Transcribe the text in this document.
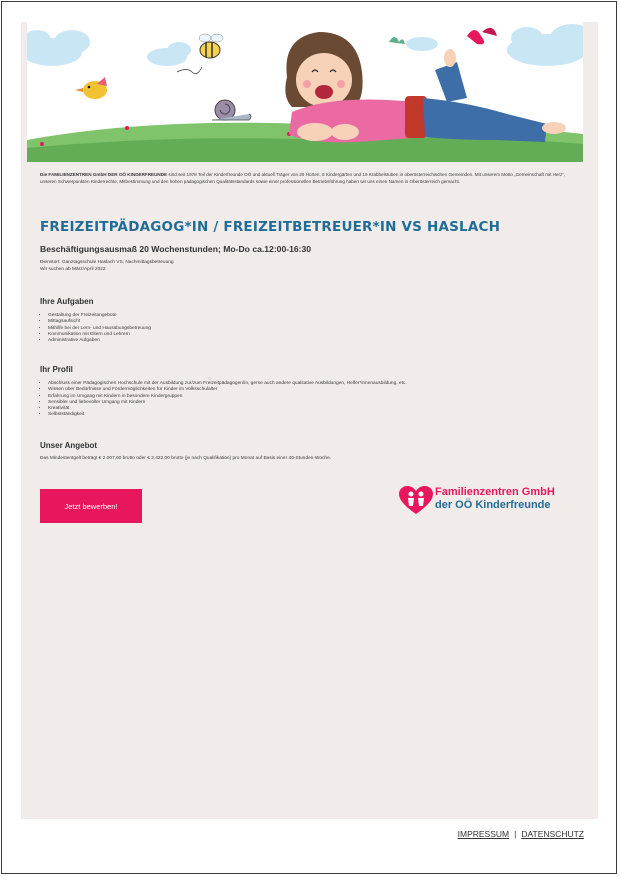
Die FAMILIENZENTREN GmbH DER OÖ KINDERFREUNDE sind seit 1978 Teil der Kinderfreunde OÖ und aktuell Träger von 29 Horten, 6 Kindergärten und 19 Krabbelstuben in oberösterreichischen Gemeinden. Mit unserem Motto „Gemeinschaft mit Herz“, unseren Schwerpunkten Kinderrechte, Mitbestimmung und den hohen pädagogischen Qualitätsstandards sowie einer professionellen Betriebsführung haben wir uns einen Namen in Oberösterreich gemacht.
FREIZEITPÄDAGOG*IN / FREIZEITBETREUER*IN VS HASLACH
Beschäftigungsausmaß 20 Wochenstunden; Mo-Do ca.12:00-16:30
Dienstort: Ganztagsschule Haslach VS, Nachmittagsbetreuung
Wir suchen ab März/April 2022
Ihre Aufgaben
• Gestaltung der Freizeitangebote
• Mittagsaufsicht
• Mithilfe bei der Lern- und Hausübungsbetreuung
• Kommunikation mit Eltern und Lehrern
• Administrative Aufgaben
Ihr Profil
• Abschluss einer Pädagogischen Hochschule mit der Ausbildung zur/zum Freizeitpädagogen/in, gerne auch andere qualitative Ausbildungen, Helfer*innenausbildung, etc.
• Wissen über Bedürfnisse und Fördermöglichkeiten für Kinder im Volksschulalter
• Erfahrung im Umgang mit Kindern in besondere Kindergruppen
• Sensibler und liebevoller Umgang mit Kindern
• Kreativität
• Selbstständigkeit
Unser Angebot
Das Mindestentgelt beträgt € 2.007,60 brutto oder € 2.422,00 brutto (je nach Qualifikation) pro Monat auf Basis einer 40-Stunden-Woche.
Jetzt bewerben!
Familienzentren GmbH
der OÖ Kinderfreunde
IMPRESSUM | DATENSCHUTZ
